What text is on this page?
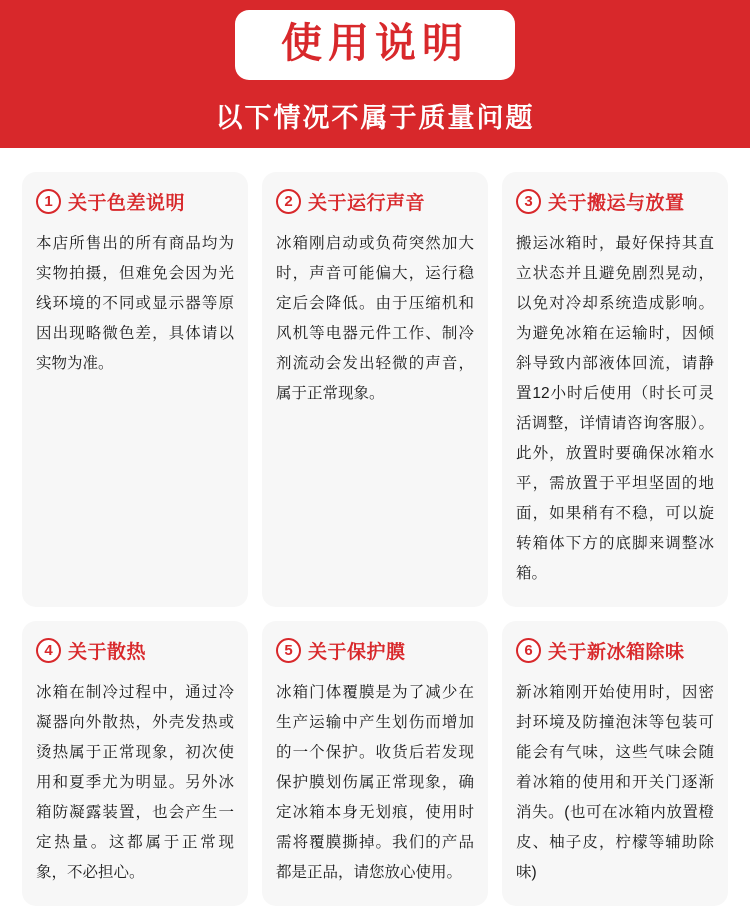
使用说明
以下情况不属于质量问题
1 关于色差说明
本店所售出的所有商品均为实物拍摄，但难免会因为光线环境的不同或显示器等原因出现略微色差，具体请以实物为准。
2 关于运行声音
冰箱刚启动或负荷突然加大时，声音可能偏大，运行稳定后会降低。由于压缩机和风机等电器元件工作、制冷剂流动会发出轻微的声音，属于正常现象。
3 关于搬运与放置
搬运冰箱时，最好保持其直立状态并且避免剧烈晃动，以免对冷却系统造成影响。为避免冰箱在运输时，因倾斜导致内部液体回流，请静置12小时后使用（时长可灵活调整，详情请咨询客服）。此外，放置时要确保冰箱水平，需放置于平坦坚固的地面，如果稍有不稳，可以旋转箱体下方的底脚来调整冰箱。
4 关于散热
冰箱在制冷过程中，通过冷凝器向外散热，外壳发热或烫热属于正常现象，初次使用和夏季尤为明显。另外冰箱防凝露装置，也会产生一定热量。这都属于正常现象，不必担心。
5 关于保护膜
冰箱门体覆膜是为了减少在生产运输中产生划伤而增加的一个保护。收货后若发现保护膜划伤属正常现象，确定冰箱本身无划痕，使用时需将覆膜撕掉。我们的产品都是正品，请您放心使用。
6 关于新冰箱除味
新冰箱刚开始使用时，因密封环境及防撞泡沫等包装可能会有气味，这些气味会随着冰箱的使用和开关门逐渐消失。(也可在冰箱内放置橙皮、柚子皮，柠檬等辅助除味)
